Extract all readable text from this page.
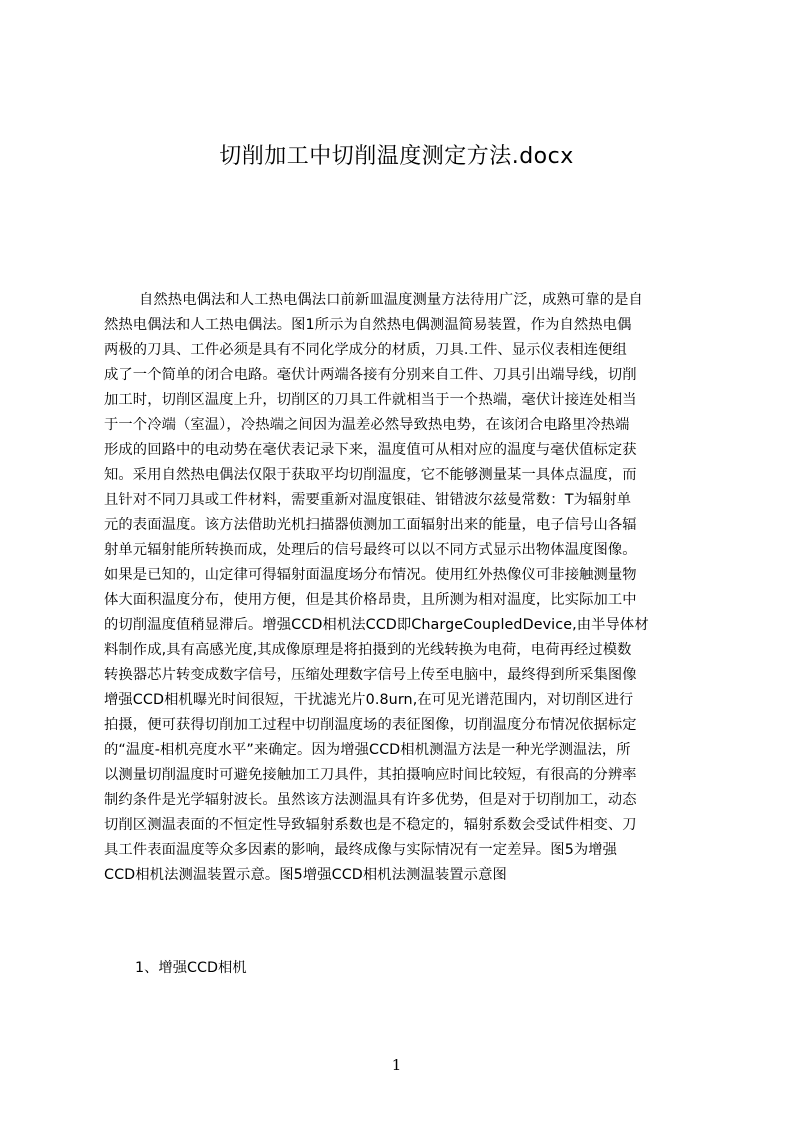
切削加工中切削温度测定方法.docx
自然热电偶法和人工热电偶法口前新皿温度测量方法待用广泛，成熟可靠的是自
然热电偶法和人工热电偶法。图1所示为自然热电偶测温简易装置，作为自然热电偶
两极的刀具、工件必须是具有不同化学成分的材质，刀具.工件、显示仪表相连便组
成了一个简单的闭合电路。毫伏计两端各接有分别来自工件、刀具引出端导线，切削
加工时，切削区温度上升，切削区的刀具工件就相当于一个热端，毫伏计接连处相当
于一个冷端（室温），冷热端之间因为温差必然导致热电势，在该闭合电路里冷热端
形成的回路中的电动势在毫伏表记录下来，温度值可从相对应的温度与毫伏值标定获
知。采用自然热电偶法仅限于获取平均切削温度，它不能够测量某一具体点温度，而
且针对不同刀具或工件材料，需要重新对温度银硅、钳错波尔兹曼常数：T为辐射单
元的表面温度。该方法借助光机扫描器侦测加工面辐射出来的能量，电子信号山各辐
射单元辐射能所转换而成，处理后的信号最终可以以不同方式显示出物体温度图像。
如果是已知的，山定律可得辐射面温度场分布情况。使用红外热像仪可非接触测量物
体大面积温度分布，使用方便，但是其价格昂贵，且所测为相对温度，比实际加工中
的切削温度值稍显滞后。增强CCD相机法CCD即ChargeCoupledDevice,由半导体材
料制作成,具有高感光度,其成像原理是将拍摄到的光线转换为电荷，电荷再经过模数
转换器芯片转变成数字信号，压缩处理数字信号上传至电脑中，最终得到所采集图像
增强CCD相机曝光时间很短，干扰滤光片0.8urn,在可见光谱范围内，对切削区进行
拍摄，便可获得切削加工过程中切削温度场的表征图像，切削温度分布情况依据标定
的“温度-相机亮度水平”来确定。因为增强CCD相机测温方法是一种光学测温法，所
以测量切削温度时可避免接触加工刀具件，其拍摄响应时间比较短，有很高的分辨率
制约条件是光学辐射波长。虽然该方法测温具有许多优势，但是对于切削加工，动态
切削区测温表面的不恒定性导致辐射系数也是不稳定的，辐射系数会受试件相变、刀
具工件表面温度等众多因素的影响，最终成像与实际情况有一定差异。图5为增强
CCD相机法测温装置示意。图5增强CCD相机法测温装置示意图
1、增强CCD相机
1
